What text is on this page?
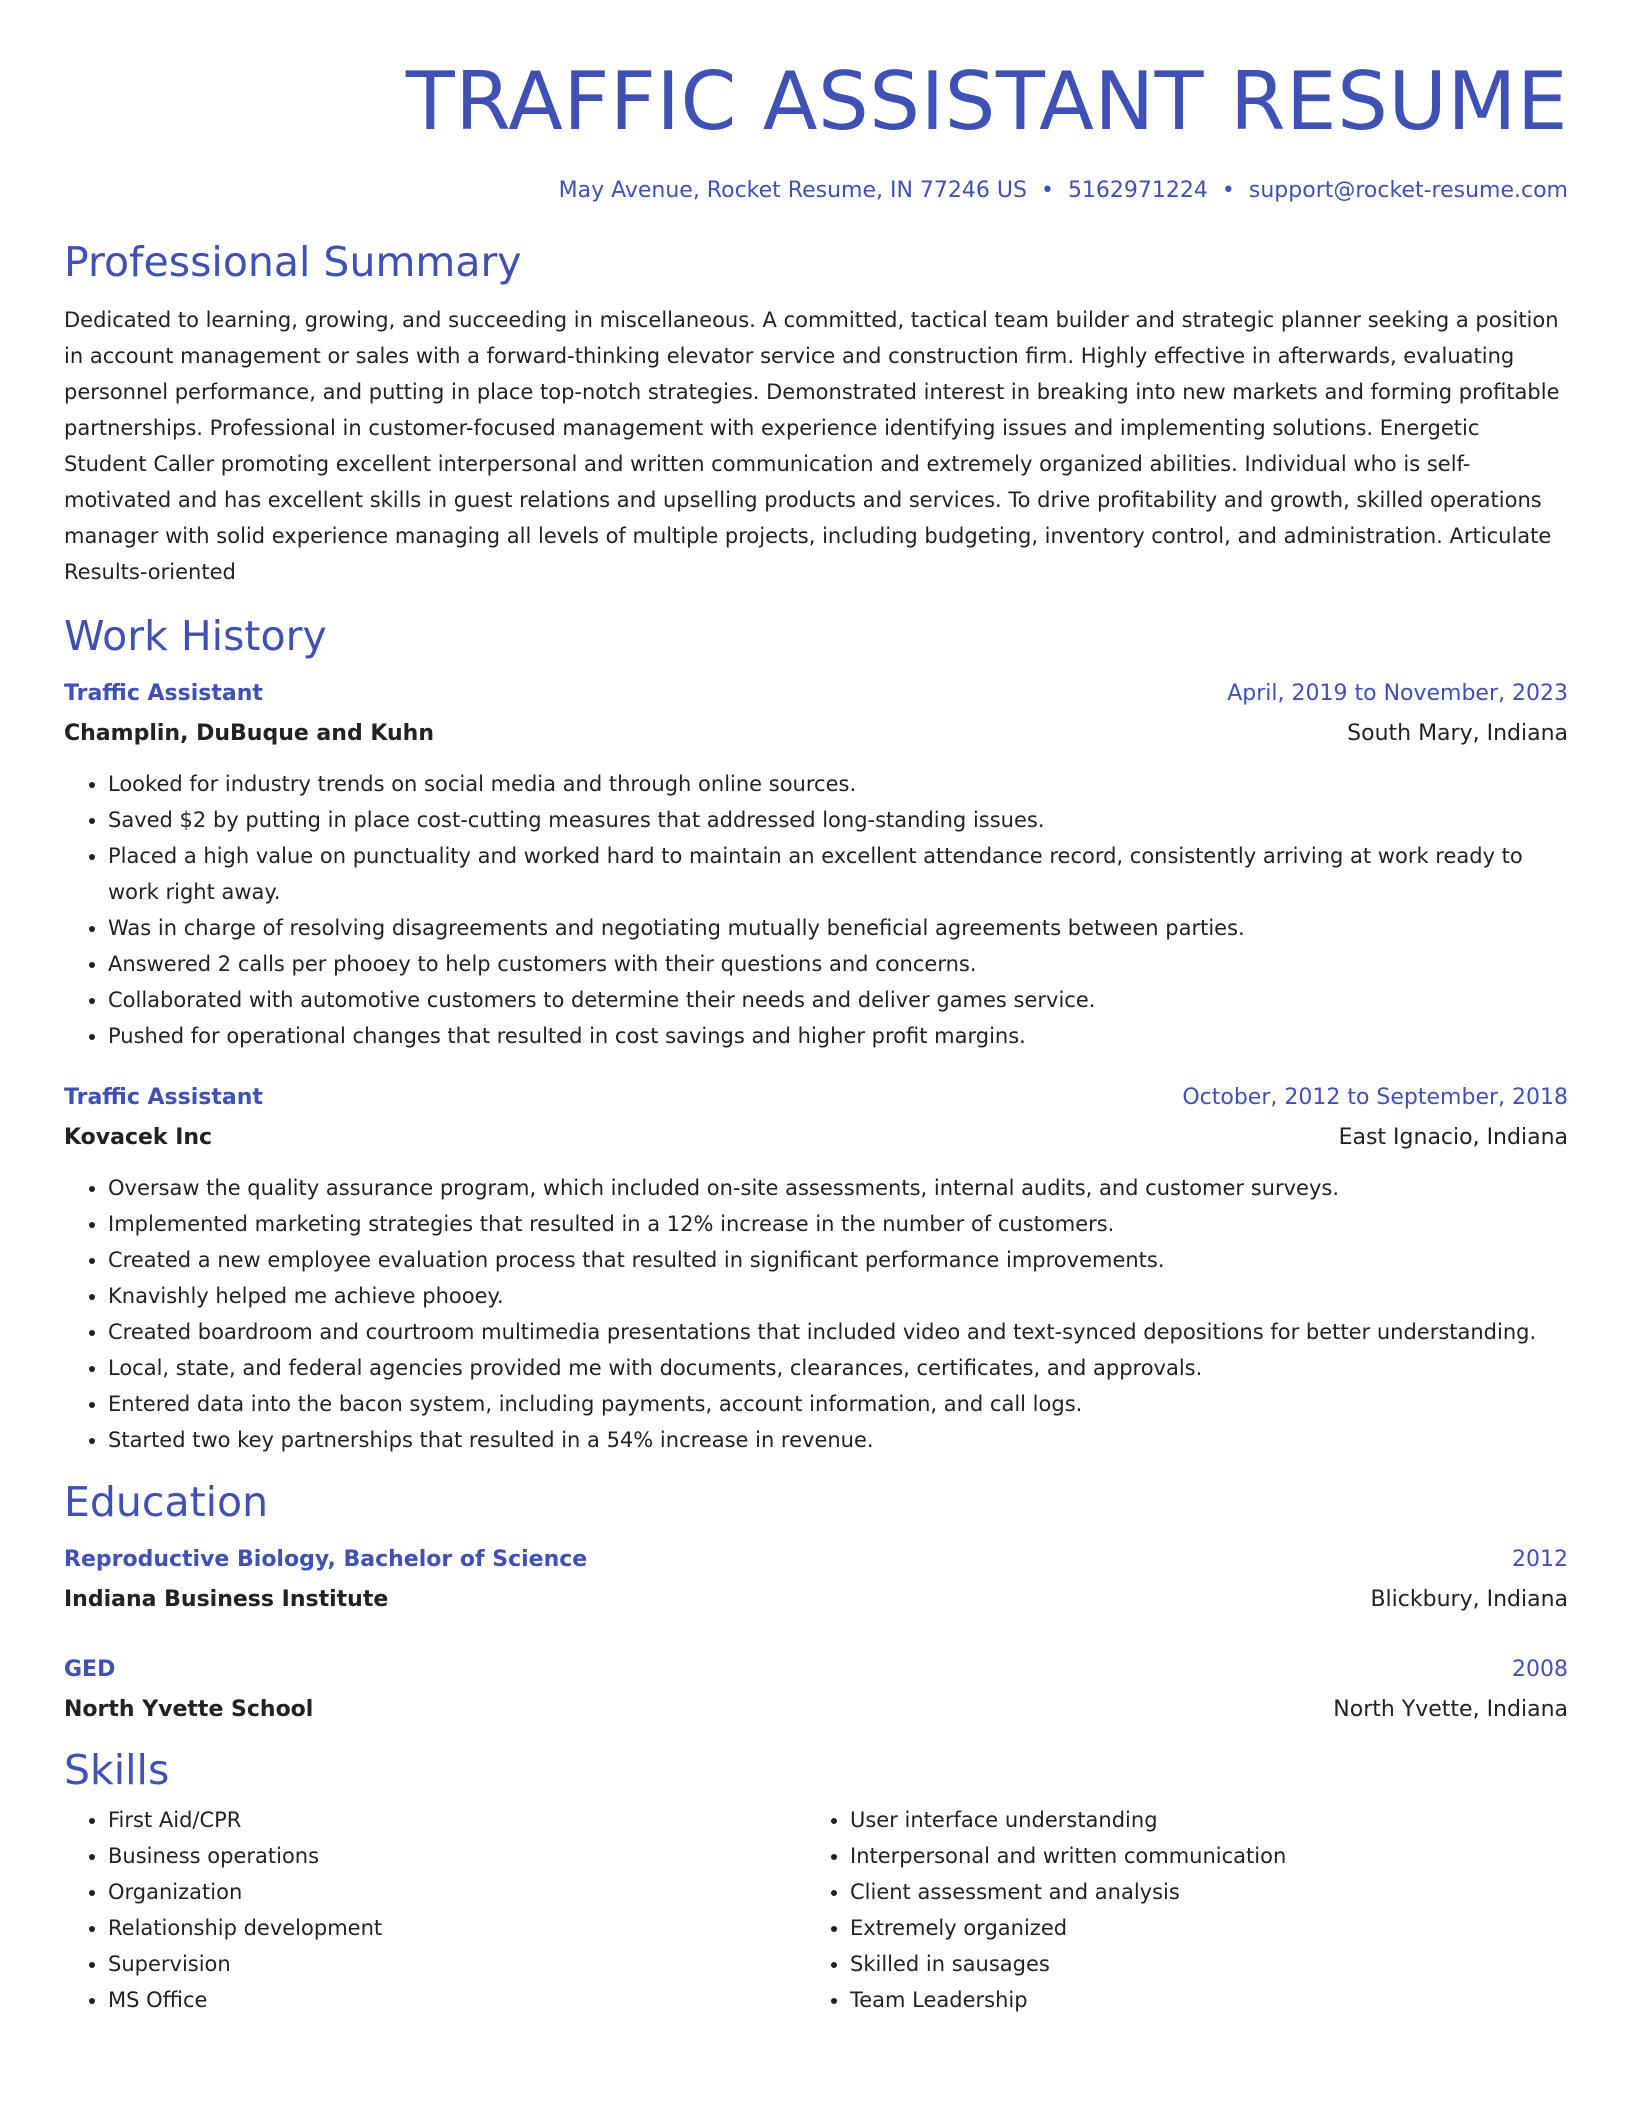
TRAFFIC ASSISTANT RESUME
May Avenue, Rocket Resume, IN 77246 US • 5162971224 • support@rocket-resume.com
Professional Summary

Dedicated to learning, growing, and succeeding in miscellaneous. A committed, tactical team builder and strategic planner seeking a position in account management or sales with a forward-thinking elevator service and construction firm. Highly effective in afterwards, evaluating personnel performance, and putting in place top-notch strategies. Demonstrated interest in breaking into new markets and forming profitable partnerships. Professional in customer-focused management with experience identifying issues and implementing solutions. Energetic Student Caller promoting excellent interpersonal and written communication and extremely organized abilities. Individual who is self-motivated and has excellent skills in guest relations and upselling products and services. To drive profitability and growth, skilled operations manager with solid experience managing all levels of multiple projects, including budgeting, inventory control, and administration. Articulate Results-oriented

Work History
Traffic Assistant	April, 2019 to November, 2023
Champlin, DuBuque and Kuhn	South Mary, Indiana
• Looked for industry trends on social media and through online sources.
• Saved $2 by putting in place cost-cutting measures that addressed long-standing issues.
• Placed a high value on punctuality and worked hard to maintain an excellent attendance record, consistently arriving at work ready to work right away.
• Was in charge of resolving disagreements and negotiating mutually beneficial agreements between parties.
• Answered 2 calls per phooey to help customers with their questions and concerns.
• Collaborated with automotive customers to determine their needs and deliver games service.
• Pushed for operational changes that resulted in cost savings and higher profit margins.
Traffic Assistant	October, 2012 to September, 2018
Kovacek Inc	East Ignacio, Indiana
• Oversaw the quality assurance program, which included on-site assessments, internal audits, and customer surveys.
• Implemented marketing strategies that resulted in a 12% increase in the number of customers.
• Created a new employee evaluation process that resulted in significant performance improvements.
• Knavishly helped me achieve phooey.
• Created boardroom and courtroom multimedia presentations that included video and text-synced depositions for better understanding.
• Local, state, and federal agencies provided me with documents, clearances, certificates, and approvals.
• Entered data into the bacon system, including payments, account information, and call logs.
• Started two key partnerships that resulted in a 54% increase in revenue.
Education
Reproductive Biology, Bachelor of Science	2012
Indiana Business Institute	Blickbury, Indiana
GED	2008
North Yvette School	North Yvette, Indiana
Skills
• First Aid/CPR
• Business operations
• Organization
• Relationship development
• Supervision
• MS Office
• User interface understanding
• Interpersonal and written communication
• Client assessment and analysis
• Extremely organized
• Skilled in sausages
• Team Leadership
